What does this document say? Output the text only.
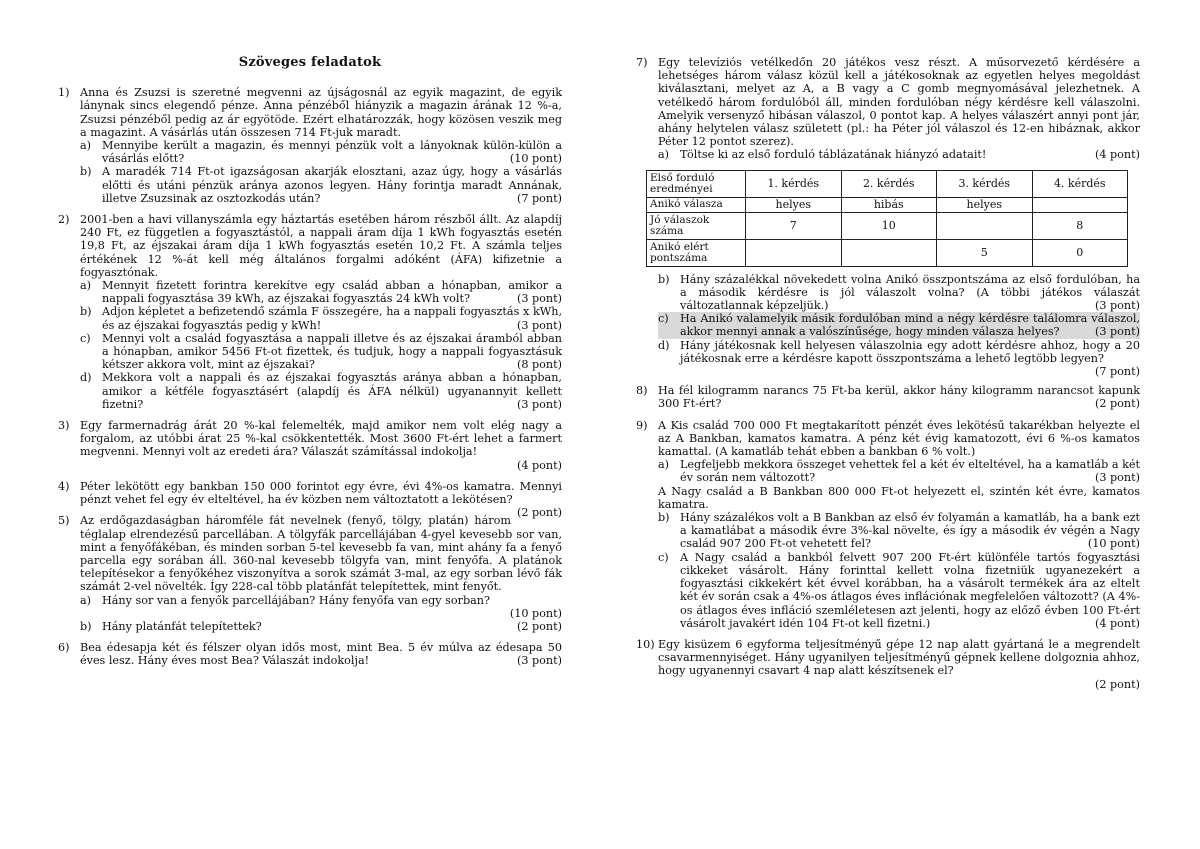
Szöveges feladatok
1) Anna és Zsuzsi is szeretné megvenni az újságosnál az egyik magazint, de egyik lánynak sincs elegendő pénze. Anna pénzéből hiányzik a magazin árának 12 %-a, Zsuzsi pénzéből pedig az ár egyötöde. Ezért elhatározzák, hogy közösen veszik meg a magazint. A vásárlás után összesen 714 Ft-juk maradt.
a) Mennyibe került a magazin, és mennyi pénzük volt a lányoknak külön-külön a vásárlás előtt?	(10 pont)
b) A maradék 714 Ft-ot igazságosan akarják elosztani, azaz úgy, hogy a vásárlás előtti és utáni pénzük aránya azonos legyen. Hány forintja maradt Annának, illetve Zsuzsinak az osztozkodás után?	(7 pont)
2) 2001-ben a havi villanyszámla egy háztartás esetében három részből állt. Az alapdíj 240 Ft, ez független a fogyasztástól, a nappali áram díja 1 kWh fogyasztás esetén 19,8 Ft, az éjszakai áram díja 1 kWh fogyasztás esetén 10,2 Ft. A számla teljes értékének 12 %-át kell még általános forgalmi adóként (ÁFA) kifizetnie a fogyasztónak.
a) Mennyit fizetett forintra kerekítve egy család abban a hónapban, amikor a nappali fogyasztása 39 kWh, az éjszakai fogyasztás 24 kWh volt?	(3 pont)
b) Adjon képletet a befizetendő számla F összegére, ha a nappali fogyasztás x kWh, és az éjszakai fogyasztás pedig y kWh!	(3 pont)
c) Mennyi volt a család fogyasztása a nappali illetve és az éjszakai áramból abban a hónapban, amikor 5456 Ft-ot fizettek, és tudjuk, hogy a nappali fogyasztásuk kétszer akkora volt, mint az éjszakai?	(8 pont)
d) Mekkora volt a nappali és az éjszakai fogyasztás aránya abban a hónapban, amikor a kétféle fogyasztásért (alapdíj és ÁFA nélkül) ugyanannyit kellett fizetni?	(3 pont)
3) Egy farmernadrág árát 20 %-kal felemelték, majd amikor nem volt elég nagy a forgalom, az utóbbi árat 25 %-kal csökkentették. Most 3600 Ft-ért lehet a farmert megvenni. Mennyi volt az eredeti ára? Válaszát számítással indokolja!
(4 pont)
4) Péter lekötött egy bankban 150 000 forintot egy évre, évi 4%-os kamatra. Mennyi pénzt vehet fel egy év elteltével, ha év közben nem változtatott a lekötésen?
(2 pont)
5) Az erdőgazdaságban háromféle fát nevelnek (fenyő, tölgy, platán) három téglalap elrendezésű parcellában. A tölgyfák parcellájában 4-gyel kevesebb sor van, mint a fenyőfákéban, és minden sorban 5-tel kevesebb fa van, mint ahány fa a fenyő parcella egy sorában áll. 360-nal kevesebb tölgyfa van, mint fenyőfa. A platánok telepítésekor a fenyőkéhez viszonyítva a sorok számát 3-mal, az egy sorban lévő fák számát 2-vel növelték. Így 228-cal több platánfát telepítettek, mint fenyőt.
a) Hány sor van a fenyők parcellájában? Hány fenyőfa van egy sorban?
(10 pont)
b) Hány platánfát telepítettek?	(2 pont)
6) Bea édesapja két és félszer olyan idős most, mint Bea. 5 év múlva az édesapa 50 éves lesz. Hány éves most Bea? Válaszát indokolja!	(3 pont)
7) Egy televíziós vetélkedőn 20 játékos vesz részt. A műsorvezető kérdésére a lehetséges három válasz közül kell a játékosoknak az egyetlen helyes megoldást kiválasztani, melyet az A, a B vagy a C gomb megnyomásával jelezhetnek. A vetélkedő három fordulóból áll, minden fordulóban négy kérdésre kell válaszolni. Amelyik versenyző hibásan válaszol, 0 pontot kap. A helyes válaszért annyi pont jár, ahány helytelen válasz született (pl.: ha Péter jól válaszol és 12-en hibáznak, akkor Péter 12 pontot szerez).
a) Töltse ki az első forduló táblázatának hiányzó adatait!	(4 pont)
Első forduló eredményei	1. kérdés	2. kérdés	3. kérdés	4. kérdés
Anikó válasza	helyes	hibás	helyes	
Jó válaszok száma	7	10		8
Anikó elért pontszáma			5	0
b) Hány százalékkal növekedett volna Anikó összpontszáma az első fordulóban, ha a második kérdésre is jól válaszolt volna? (A többi játékos válaszát változatlannak képzeljük.)	(3 pont)
c) Ha Anikó valamelyik másik fordulóban mind a négy kérdésre találomra válaszol, akkor mennyi annak a valószínűsége, hogy minden válasza helyes?	(3 pont)
d) Hány játékosnak kell helyesen válaszolnia egy adott kérdésre ahhoz, hogy a 20 játékosnak erre a kérdésre kapott összpontszáma a lehető legtöbb legyen?
(7 pont)
8) Ha fél kilogramm narancs 75 Ft-ba kerül, akkor hány kilogramm narancsot kapunk 300 Ft-ért?	(2 pont)
9) A Kis család 700 000 Ft megtakarított pénzét éves lekötésű takarékban helyezte el az A Bankban, kamatos kamatra. A pénz két évig kamatozott, évi 6 %-os kamatos kamattal. (A kamatláb tehát ebben a bankban 6 % volt.)
a) Legfeljebb mekkora összeget vehettek fel a két év elteltével, ha a kamatláb a két év során nem változott?	(3 pont)
A Nagy család a B Bankban 800 000 Ft-ot helyezett el, szintén két évre, kamatos kamatra.
b) Hány százalékos volt a B Bankban az első év folyamán a kamatláb, ha a bank ezt a kamatlábat a második évre 3%-kal növelte, és így a második év végén a Nagy család 907 200 Ft-ot vehetett fel?	(10 pont)
c) A Nagy család a bankból felvett 907 200 Ft-ért különféle tartós fogyasztási cikkeket vásárolt. Hány forinttal kellett volna fizetniük ugyanezekért a fogyasztási cikkekért két évvel korábban, ha a vásárolt termékek ára az eltelt két év során csak a 4%-os átlagos éves inflációnak megfelelően változott? (A 4%-os átlagos éves infláció szemléletesen azt jelenti, hogy az előző évben 100 Ft-ért vásárolt javakért idén 104 Ft-ot kell fizetni.)	(4 pont)
10) Egy kisüzem 6 egyforma teljesítményű gépe 12 nap alatt gyártaná le a megrendelt csavarmennyiséget. Hány ugyanilyen teljesítményű gépnek kellene dolgoznia ahhoz, hogy ugyanennyi csavart 4 nap alatt készítsenek el?
(2 pont)
